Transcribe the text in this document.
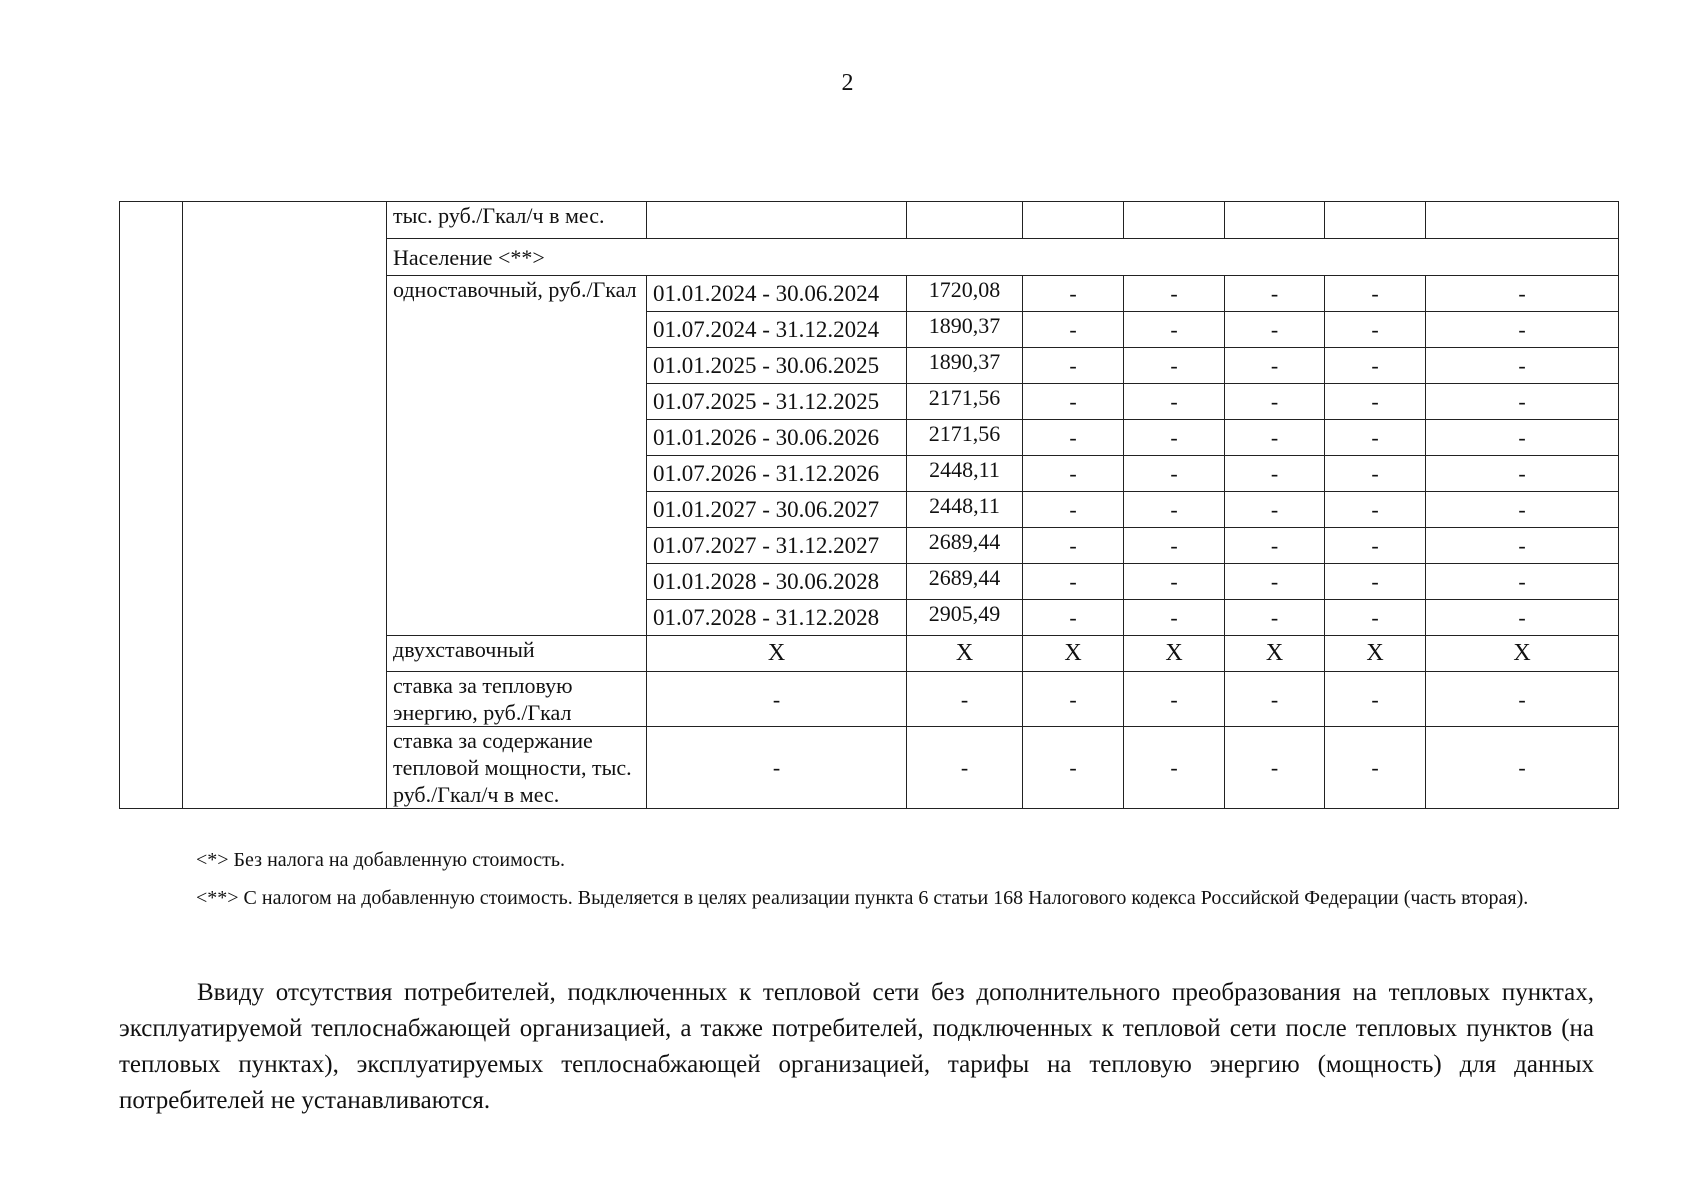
2
		тыс. руб./Гкал/ч в мес.								
		Население <**>								
		одноставочный, руб./Гкал	01.01.2024 - 30.06.2024	1720,08	-	-	-	-	-	
			01.07.2024 - 31.12.2024	1890,37	-	-	-	-	-	
			01.01.2025 - 30.06.2025	1890,37	-	-	-	-	-	
			01.07.2025 - 31.12.2025	2171,56	-	-	-	-	-	
			01.01.2026 - 30.06.2026	2171,56	-	-	-	-	-	
			01.07.2026 - 31.12.2026	2448,11	-	-	-	-	-	
			01.01.2027 - 30.06.2027	2448,11	-	-	-	-	-	
			01.07.2027 - 31.12.2027	2689,44	-	-	-	-	-	
			01.01.2028 - 30.06.2028	2689,44	-	-	-	-	-	
			01.07.2028 - 31.12.2028	2905,49	-	-	-	-	-	
		двухставочный	X	X	X	X	X	X	X	
		ставка за тепловую энергию, руб./Гкал	-	-	-	-	-	-	-	
		ставка за содержание тепловой мощности, тыс. руб./Гкал/ч в мес.	-	-	-	-	-	-	-	
<*> Без налога на добавленную стоимость.
<**> С налогом на добавленную стоимость. Выделяется в целях реализации пункта 6 статьи 168 Налогового кодекса Российской Федерации (часть вторая).
Ввиду отсутствия потребителей, подключенных к тепловой сети без дополнительного преобразования на тепловых пунктах, эксплуатируемой теплоснабжающей организацией, а также потребителей, подключенных к тепловой сети после тепловых пунктов (на тепловых пунктах), эксплуатируемых теплоснабжающей организацией, тарифы на тепловую энергию (мощность) для данных потребителей не устанавливаются.
